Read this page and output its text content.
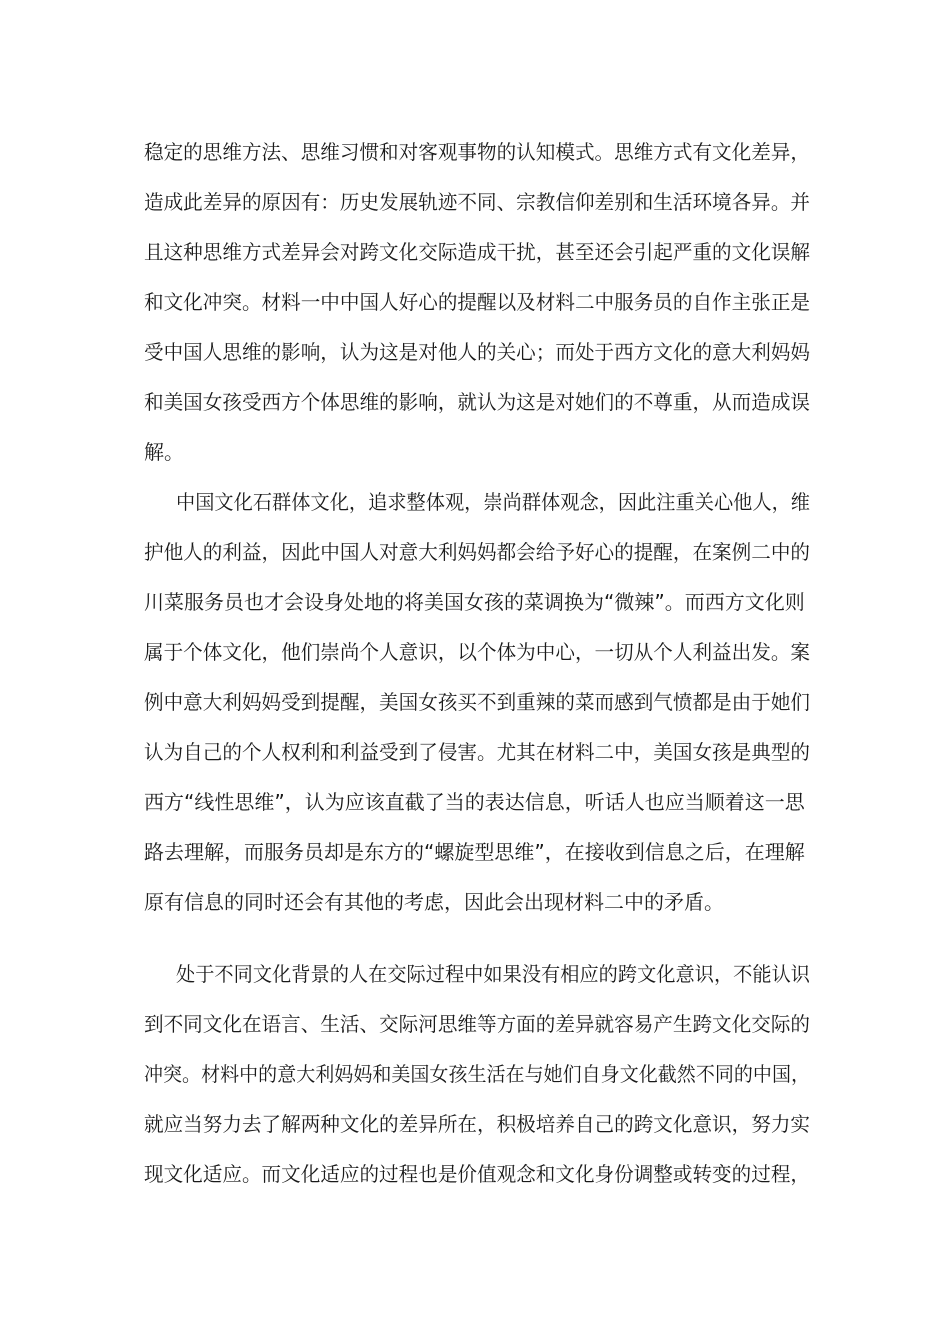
稳定的思维方法、思维习惯和对客观事物的认知模式。思维方式有文化差异，
造成此差异的原因有：历史发展轨迹不同、宗教信仰差别和生活环境各异。并
且这种思维方式差异会对跨文化交际造成干扰，甚至还会引起严重的文化误解
和文化冲突。材料一中中国人好心的提醒以及材料二中服务员的自作主张正是
受中国人思维的影响，认为这是对他人的关心；而处于西方文化的意大利妈妈
和美国女孩受西方个体思维的影响，就认为这是对她们的不尊重，从而造成误
解。
中国文化石群体文化，追求整体观，崇尚群体观念，因此注重关心他人，维
护他人的利益，因此中国人对意大利妈妈都会给予好心的提醒，在案例二中的
川菜服务员也才会设身处地的将美国女孩的菜调换为“微辣”。而西方文化则
属于个体文化，他们崇尚个人意识，以个体为中心，一切从个人利益出发。案
例中意大利妈妈受到提醒，美国女孩买不到重辣的菜而感到气愤都是由于她们
认为自己的个人权利和利益受到了侵害。尤其在材料二中，美国女孩是典型的
西方“线性思维”，认为应该直截了当的表达信息，听话人也应当顺着这一思
路去理解，而服务员却是东方的“螺旋型思维”，在接收到信息之后，在理解
原有信息的同时还会有其他的考虑，因此会出现材料二中的矛盾。
处于不同文化背景的人在交际过程中如果没有相应的跨文化意识，不能认识
到不同文化在语言、生活、交际河思维等方面的差异就容易产生跨文化交际的
冲突。材料中的意大利妈妈和美国女孩生活在与她们自身文化截然不同的中国，
就应当努力去了解两种文化的差异所在，积极培养自己的跨文化意识，努力实
现文化适应。而文化适应的过程也是价值观念和文化身份调整或转变的过程，
